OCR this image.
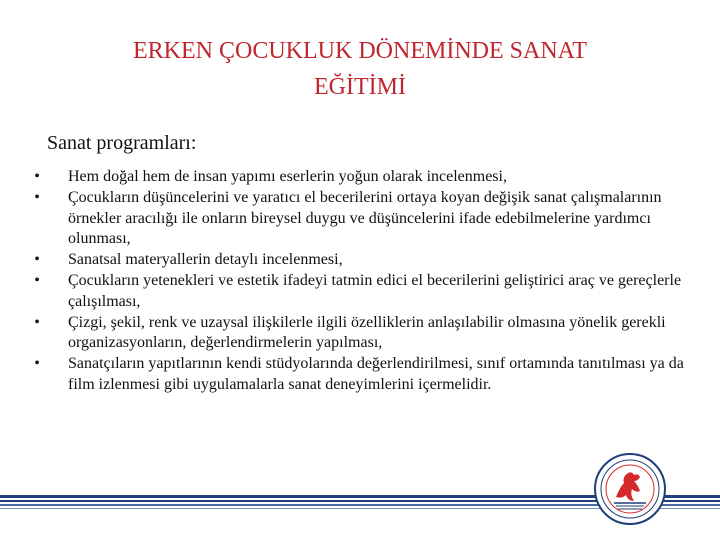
ERKEN ÇOCUKLUK DÖNEMİNDE SANAT
EĞİTİMİ
Sanat programları:
• Hem doğal hem de insan yapımı eserlerin yoğun olarak incelenmesi,
• Çocukların düşüncelerini ve yaratıcı el becerilerini ortaya koyan değişik sanat çalışmalarının örnekler aracılığı ile onların bireysel duygu ve düşüncelerini ifade edebilmelerine yardımcı olunması,
• Sanatsal materyallerin detaylı incelenmesi,
• Çocukların yetenekleri ve estetik ifadeyi tatmin edici el becerilerini geliştirici araç ve gereçlerle çalışılması,
• Çizgi, şekil, renk ve uzaysal ilişkilerle ilgili özelliklerin anlaşılabilir olmasına yönelik gerekli organizasyonların, değerlendirmelerin yapılması,
• Sanatçıların yapıtlarının kendi stüdyolarında değerlendirilmesi, sınıf ortamında tanıtılması ya da film izlenmesi gibi uygulamalarla sanat deneyimlerini içermelidir.
